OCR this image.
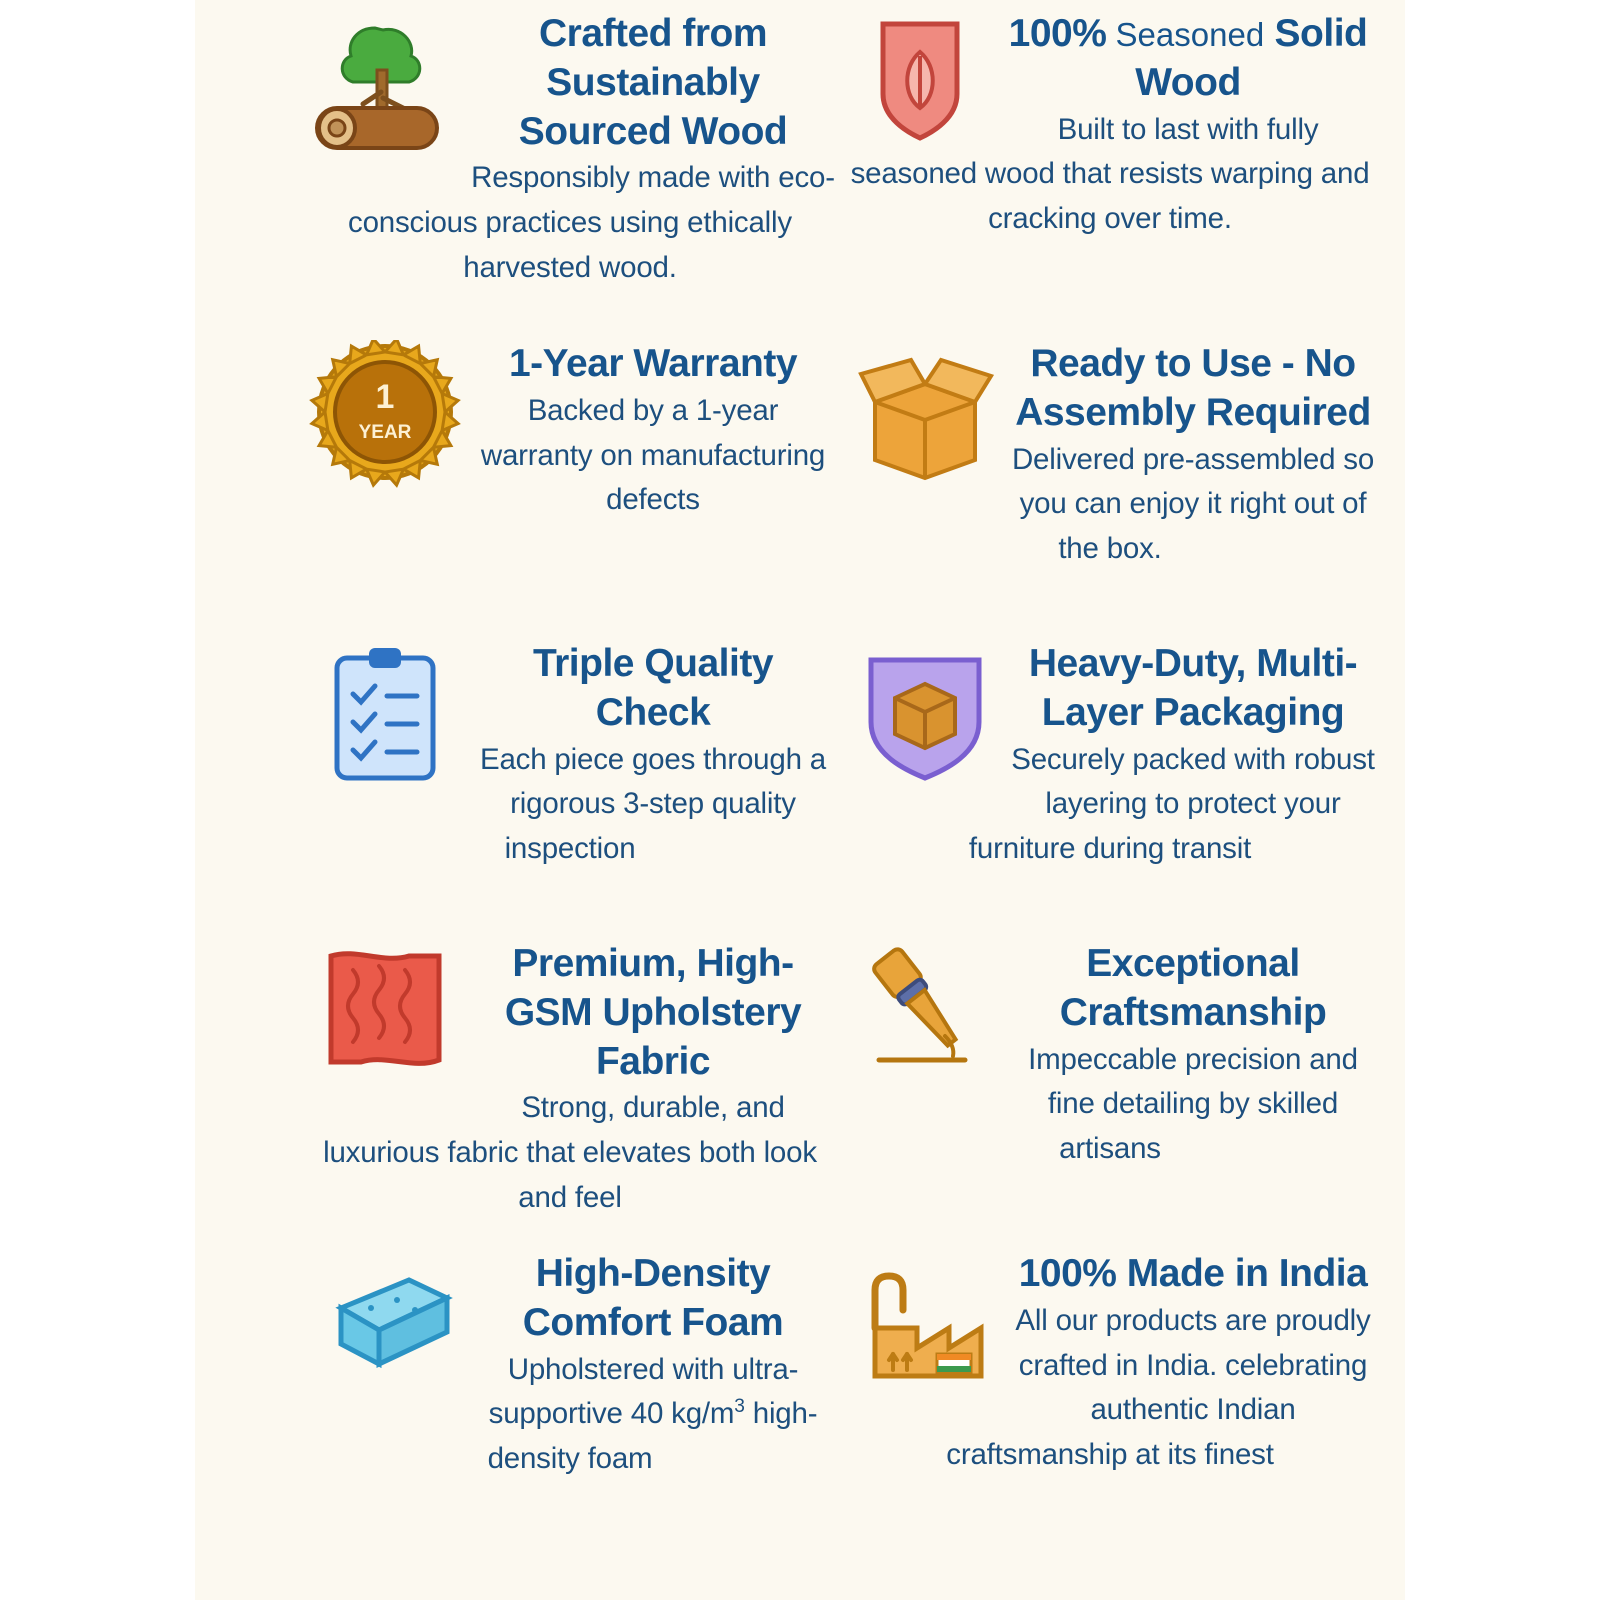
Crafted from Sustainably Sourced Wood
Responsibly made with eco-conscious practices using ethically harvested wood.
100% Seasoned Solid Wood
Built to last with fully seasoned wood that resists warping and cracking over time.
1
YEAR
1-Year Warranty
Backed by a 1-year warranty on manufacturing defects
Ready to Use - No Assembly Required
Delivered pre-assembled so you can enjoy it right out of the box.
Triple Quality Check
Each piece goes through a rigorous 3-step quality inspection
Heavy-Duty, Multi-Layer Packaging
Securely packed with robust layering to protect your furniture during transit
Premium, High-GSM Upholstery Fabric
Strong, durable, and luxurious fabric that elevates both look and feel
Exceptional Craftsmanship
Impeccable precision and fine detailing by skilled artisans
High-Density Comfort Foam
Upholstered with ultra-supportive 40 $kg/m^3$ high-density foam
100% Made in India
All our products are proudly crafted in India. celebrating authentic Indian craftsmanship at its finest
